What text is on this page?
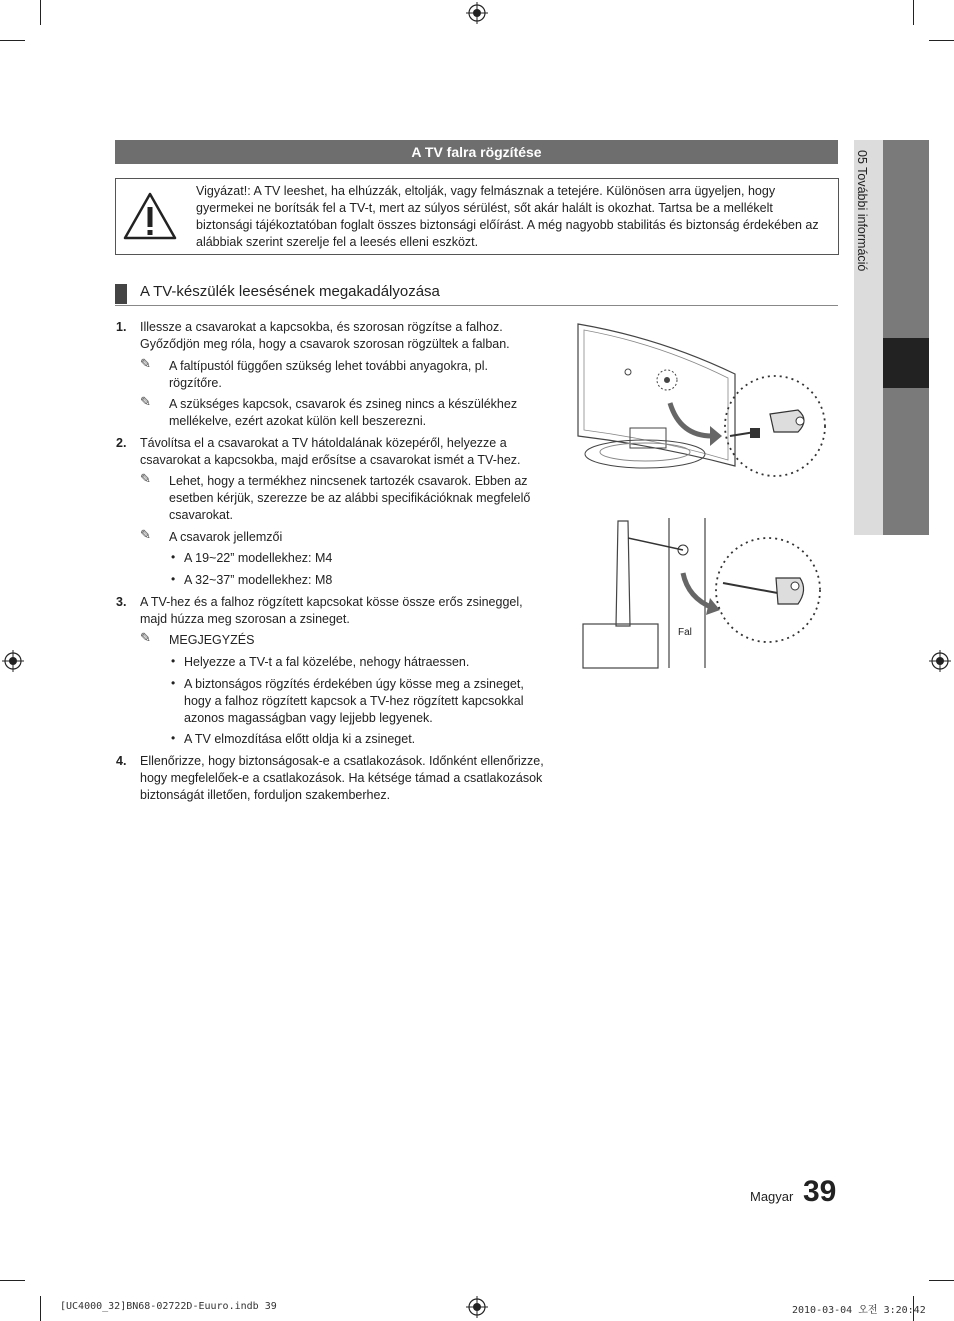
05 További információ
A TV falra rögzítése
Vigyázat!: A TV leeshet, ha elhúzzák, eltolják, vagy felmásznak a tetejére. Különösen arra ügyeljen, hogy gyermekei ne borítsák fel a TV-t, mert az súlyos sérülést, sőt akár halált is okozhat. Tartsa be a mellékelt biztonsági tájékoztatóban foglalt összes biztonsági előírást. A még nagyobb stabilitás és biztonság érdekében az alábbiak szerint szerelje fel a leesés elleni eszközt.
A TV-készülék leesésének megakadályozása
1. Illessze a csavarokat a kapcsokba, és szorosan rögzítse a falhoz.
Győződjön meg róla, hogy a csavarok szorosan rögzültek a falban.
✎ A faltípustól függően szükség lehet további anyagokra, pl.
rögzítőre.
✎ A szükséges kapcsok, csavarok és zsineg nincs a készülékhez
mellékelve, ezért azokat külön kell beszerezni.
2. Távolítsa el a csavarokat a TV hátoldalának közepéről, helyezze a
csavarokat a kapcsokba, majd erősítse a csavarokat ismét a TV-hez.
✎ Lehet, hogy a termékhez nincsenek tartozék csavarok. Ebben az
esetben kérjük, szerezze be az alábbi specifikációknak megfelelő
csavarokat.
✎ A csavarok jellemzői
• A 19~22” modellekhez: M4
• A 32~37” modellekhez: M8
3. A TV-hez és a falhoz rögzített kapcsokat kösse össze erős zsineggel,
majd húzza meg szorosan a zsineget.
✎ MEGJEGYZÉS
• Helyezze a TV-t a fal közelébe, nehogy hátraessen.
• A biztonságos rögzítés érdekében úgy kösse meg a zsineget,
hogy a falhoz rögzített kapcsok a TV-hez rögzített kapcsokkal
azonos magasságban vagy lejjebb legyenek.
• A TV elmozdítása előtt oldja ki a zsineget.
4. Ellenőrizze, hogy biztonságosak-e a csatlakozások. Időnként ellenőrizze,
hogy megfelelőek-e a csatlakozások. Ha kétsége támad a csatlakozások
biztonságát illetően, forduljon szakemberhez.
Fal
Magyar 39
[UC4000_32]BN68-02722D-Euuro.indb 39	2010-03-04 오전 3:20:42
